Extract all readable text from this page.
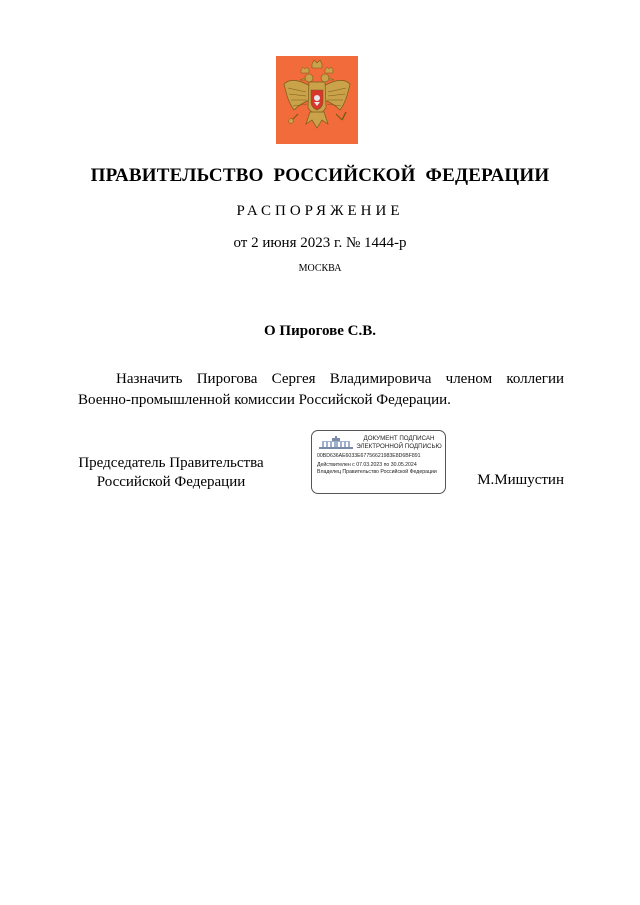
ПРАВИТЕЛЬСТВО РОССИЙСКОЙ ФЕДЕРАЦИИ
РАСПОРЯЖЕНИЕ
от 2 июня 2023 г. № 1444-р
МОСКВА
О Пирогове С.В.
Назначить Пирогова Сергея Владимировича членом коллегии Военно-промышленной комиссии Российской Федерации.
Председатель Правительства
Российской Федерации
ДОКУМЕНТ ПОДПИСАН
ЭЛЕКТРОННОЙ ПОДПИСЬЮ
00BD636AE6033E67756621983E8D6BF891
Действителен с 07.03.2023 по 30.05.2024
Владелец Правительство Российской Федерации	М.Мишустин
